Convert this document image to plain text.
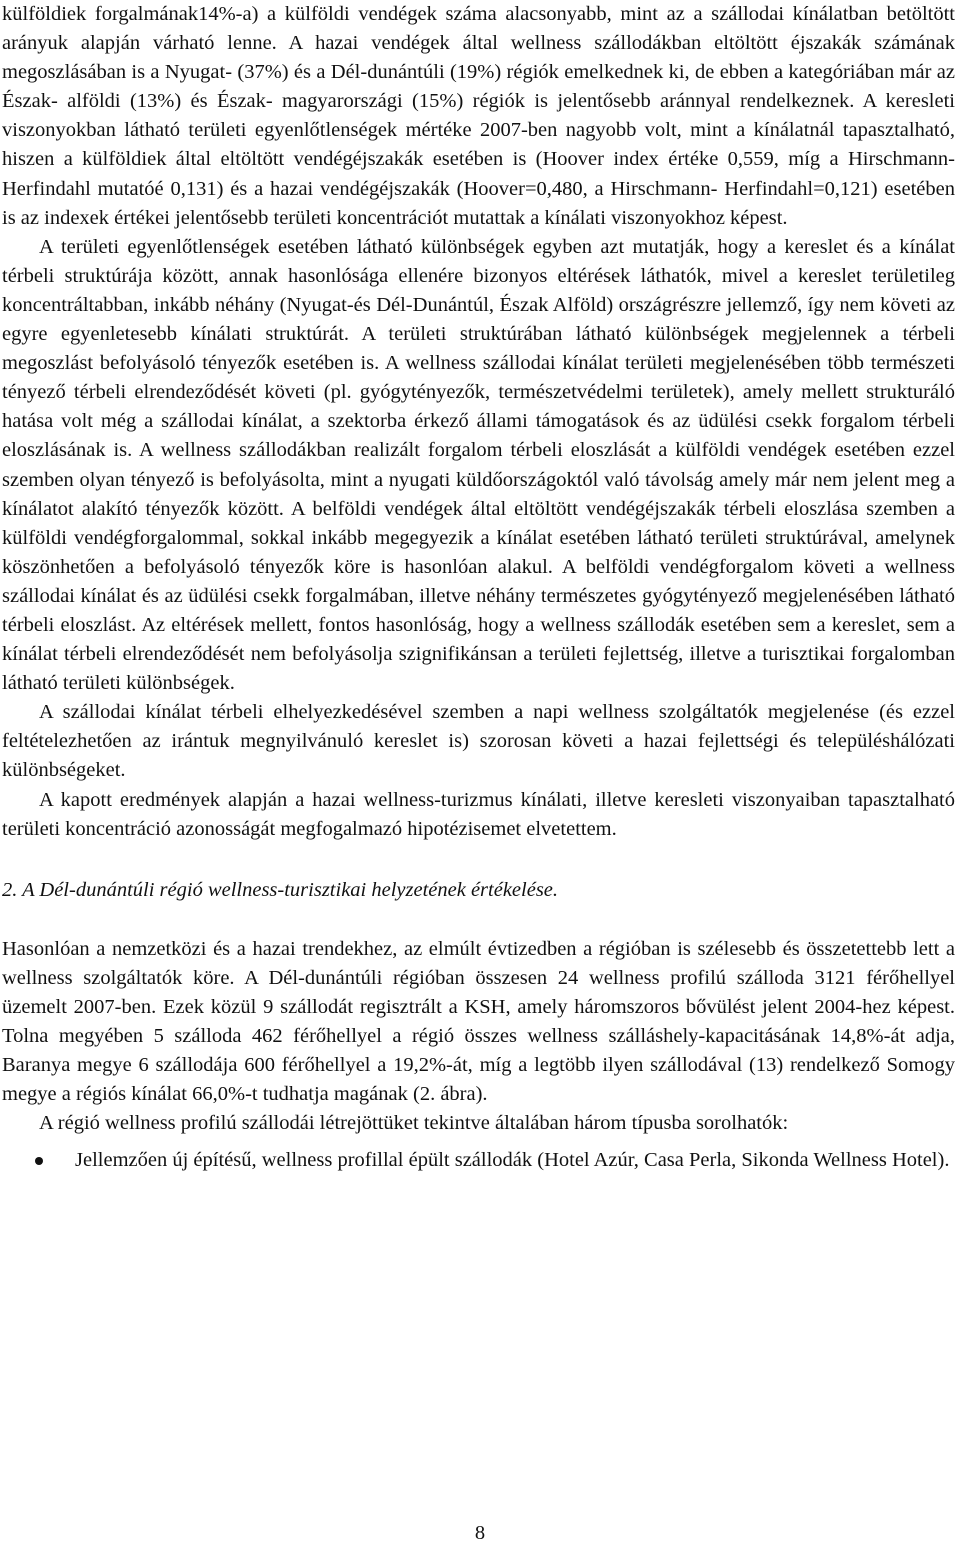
külföldiek forgalmának14%-a) a külföldi vendégek száma alacsonyabb, mint az a szállodai kínálatban betöltött arányuk alapján várható lenne. A hazai vendégek által wellness szállodákban eltöltött éjszakák számának megoszlásában is a Nyugat- (37%) és a Dél-dunántúli (19%) régiók emelkednek ki, de ebben a kategóriában már az Észak- alföldi (13%) és Észak- magyarországi (15%) régiók is jelentősebb aránnyal rendelkeznek. A keresleti viszonyokban látható területi egyenlőtlenségek mértéke 2007-ben nagyobb volt, mint a kínálatnál tapasztalható, hiszen a külföldiek által eltöltött vendégéjszakák esetében is (Hoover index értéke 0,559, míg a Hirschmann- Herfindahl mutatóé 0,131) és a hazai vendégéjszakák (Hoover=0,480, a Hirschmann- Herfindahl=0,121) esetében is az indexek értékei jelentősebb területi koncentrációt mutattak a kínálati viszonyokhoz képest.

A területi egyenlőtlenségek esetében látható különbségek egyben azt mutatják, hogy a kereslet és a kínálat térbeli struktúrája között, annak hasonlósága ellenére bizonyos eltérések láthatók, mivel a kereslet területileg koncentráltabban, inkább néhány (Nyugat-és Dél-Dunántúl, Észak Alföld) országrészre jellemző, így nem követi az egyre egyenletesebb kínálati struktúrát. A területi struktúrában látható különbségek megjelennek a térbeli megoszlást befolyásoló tényezők esetében is. A wellness szállodai kínálat területi megjelenésében több természeti tényező térbeli elrendeződését követi (pl. gyógytényezők, természetvédelmi területek), amely mellett strukturáló hatása volt még a szállodai kínálat, a szektorba érkező állami támogatások és az üdülési csekk forgalom térbeli eloszlásának is. A wellness szállodákban realizált forgalom térbeli eloszlását a külföldi vendégek esetében ezzel szemben olyan tényező is befolyásolta, mint a nyugati küldőországoktól való távolság amely már nem jelent meg a kínálatot alakító tényezők között. A belföldi vendégek által eltöltött vendégéjszakák térbeli eloszlása szemben a külföldi vendégforgalommal, sokkal inkább megegyezik a kínálat esetében látható területi struktúrával, amelynek köszönhetően a befolyásoló tényezők köre is hasonlóan alakul. A belföldi vendégforgalom követi a wellness szállodai kínálat és az üdülési csekk forgalmában, illetve néhány természetes gyógytényező megjelenésében látható térbeli eloszlást. Az eltérések mellett, fontos hasonlóság, hogy a wellness szállodák esetében sem a kereslet, sem a kínálat térbeli elrendeződését nem befolyásolja szignifikánsan a területi fejlettség, illetve a turisztikai forgalomban látható területi különbségek.

A szállodai kínálat térbeli elhelyezkedésével szemben a napi wellness szolgáltatók megjelenése (és ezzel feltételezhetően az irántuk megnyilvánuló kereslet is) szorosan követi a hazai fejlettségi és településhálózati különbségeket.

A kapott eredmények alapján a hazai wellness-turizmus kínálati, illetve keresleti viszonyaiban tapasztalható területi koncentráció azonosságát megfogalmazó hipotézisemet elvetettem.

2. A Dél-dunántúli régió wellness-turisztikai helyzetének értékelése.

Hasonlóan a nemzetközi és a hazai trendekhez, az elmúlt évtizedben a régióban is szélesebb és összetettebb lett a wellness szolgáltatók köre. A Dél-dunántúli régióban összesen 24 wellness profilú szálloda 3121 férőhellyel üzemelt 2007-ben. Ezek közül 9 szállodát regisztrált a KSH, amely háromszoros bővülést jelent 2004-hez képest. Tolna megyében 5 szálloda 462 férőhellyel a régió összes wellness szálláshely-kapacitásának 14,8%-át adja, Baranya megye 6 szállodája 600 férőhellyel a 19,2%-át, míg a legtöbb ilyen szállodával (13) rendelkező Somogy megye a régiós kínálat 66,0%-t tudhatja magának (2. ábra).

A régió wellness profilú szállodái létrejöttüket tekintve általában három típusba sorolhatók:

Jellemzően új építésű, wellness profillal épült szállodák (Hotel Azúr, Casa Perla, Sikonda Wellness Hotel).
8
